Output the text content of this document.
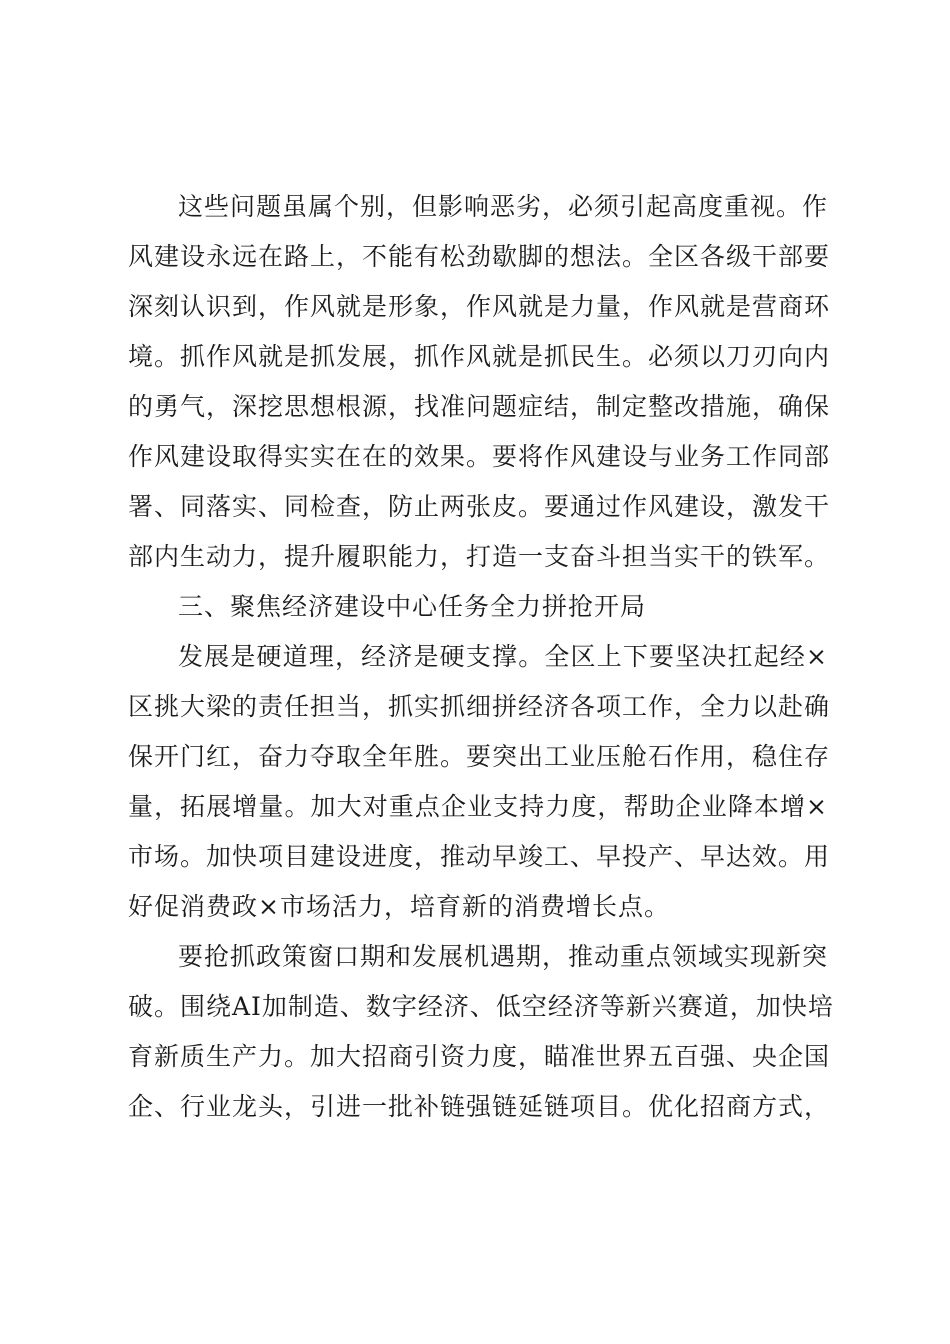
这些问题虽属个别，但影响恶劣，必须引起高度重视。作
风建设永远在路上，不能有松劲歇脚的想法。全区各级干部要
深刻认识到，作风就是形象，作风就是力量，作风就是营商环
境。抓作风就是抓发展，抓作风就是抓民生。必须以刀刃向内
的勇气，深挖思想根源，找准问题症结，制定整改措施，确保
作风建设取得实实在在的效果。要将作风建设与业务工作同部
署、同落实、同检查，防止两张皮。要通过作风建设，激发干
部内生动力，提升履职能力，打造一支奋斗担当实干的铁军。
三、聚焦经济建设中心任务全力拼抢开局
发展是硬道理，经济是硬支撑。全区上下要坚决扛起经×
区挑大梁的责任担当，抓实抓细拼经济各项工作，全力以赴确
保开门红，奋力夺取全年胜。要突出工业压舱石作用，稳住存
量，拓展增量。加大对重点企业支持力度，帮助企业降本增×
市场。加快项目建设进度，推动早竣工、早投产、早达效。用
好促消费政×市场活力，培育新的消费增长点。
要抢抓政策窗口期和发展机遇期，推动重点领域实现新突
破。围绕AI加制造、数字经济、低空经济等新兴赛道，加快培
育新质生产力。加大招商引资力度，瞄准世界五百强、央企国
企、行业龙头，引进一批补链强链延链项目。优化招商方式，
